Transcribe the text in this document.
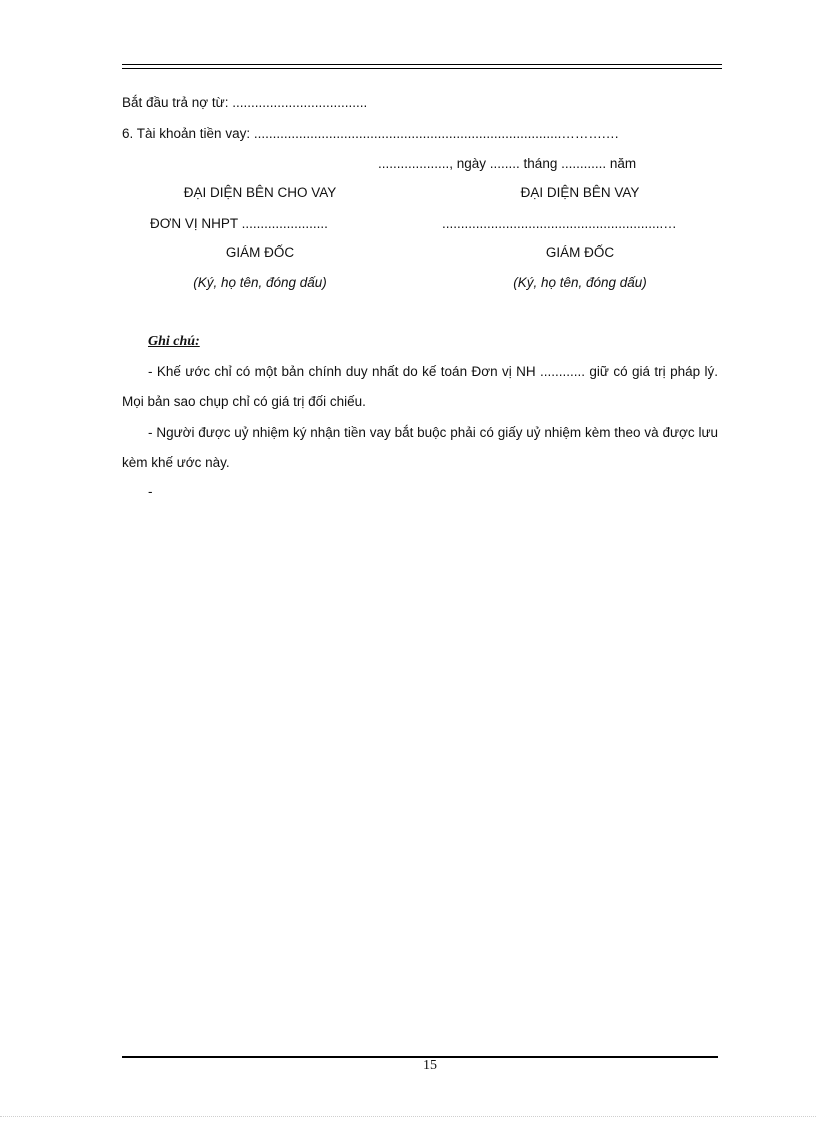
Bắt đầu trả nợ từ: ....................................
6. Tài khoản tiền vay: ..................................................................................……….…
..................., ngày ........ tháng ............ năm
ĐẠI DIỆN BÊN CHO VAY	ĐẠI DIỆN BÊN VAY
ĐƠN VỊ NHPT .......................	...........................................................…
GIÁM ĐỐC	GIÁM ĐỐC
(Ký, họ tên, đóng dấu)	(Ký, họ tên, đóng dấu)
Ghi chú:
- Khế ước chỉ có một bản chính duy nhất do kế toán Đơn vị NH ............ giữ có giá trị pháp lý. Mọi bản sao chụp chỉ có giá trị đối chiếu.
- Người được uỷ nhiệm ký nhận tiền vay bắt buộc phải có giấy uỷ nhiệm kèm theo và được lưu kèm khế ước này.
-
15
